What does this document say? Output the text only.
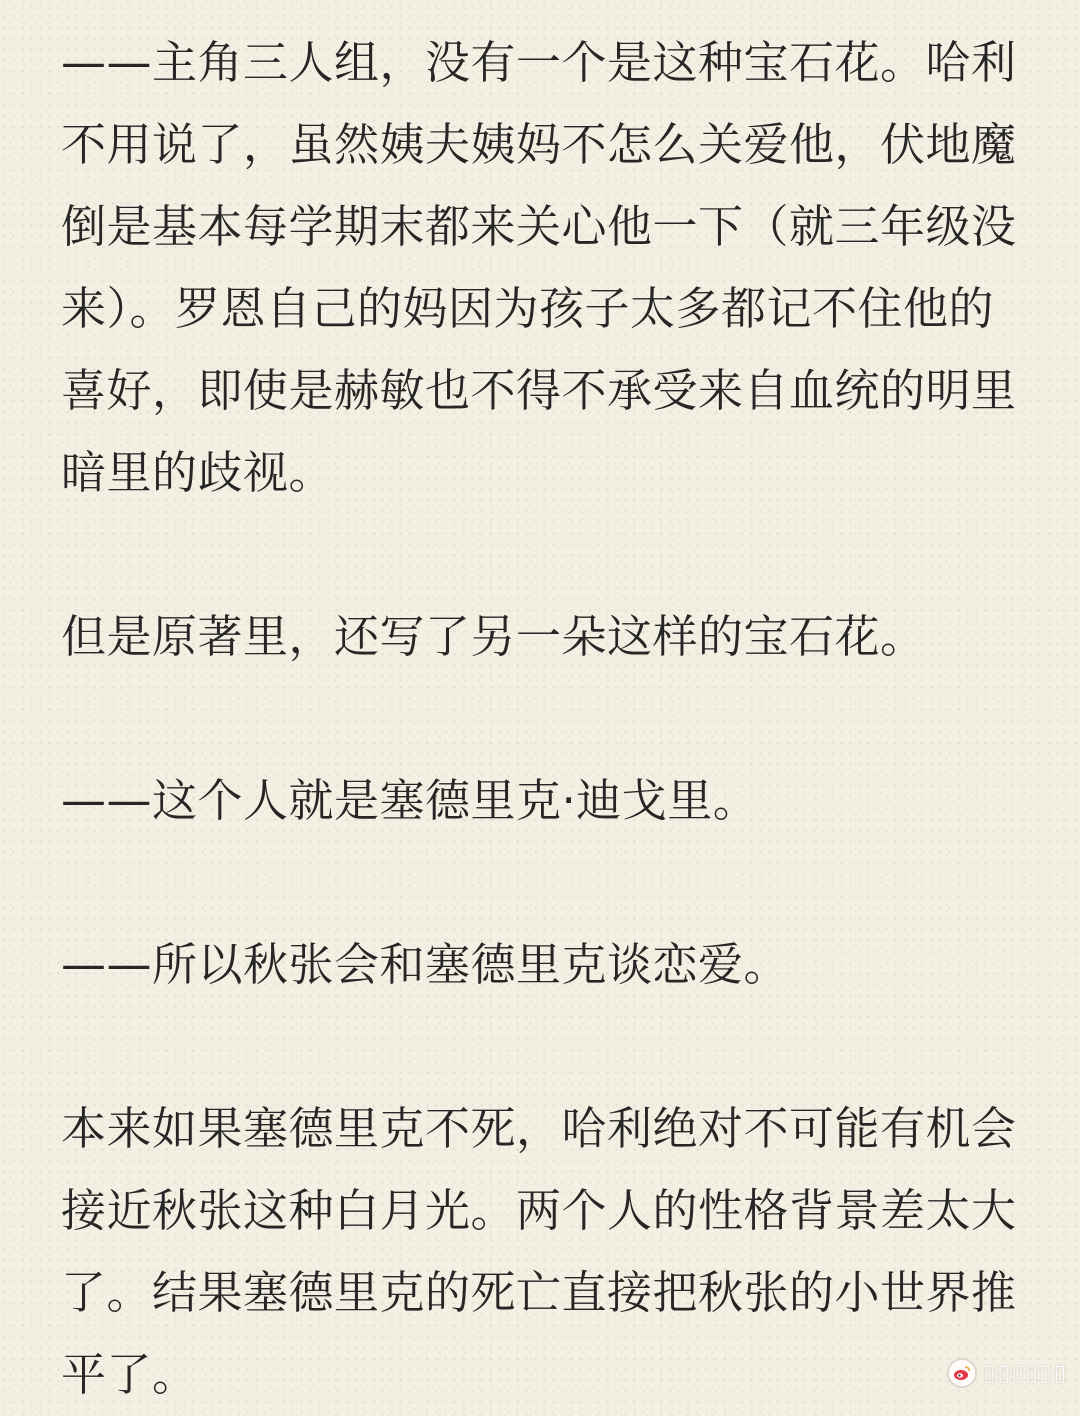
——主角三人组，没有一个是这种宝石花。哈利不用说了，虽然姨夫姨妈不怎么关爱他，伏地魔倒是基本每学期末都来关心他一下（就三年级没来）。罗恩自己的妈因为孩子太多都记不住他的喜好，即使是赫敏也不得不承受来自血统的明里暗里的歧视。

但是原著里，还写了另一朵这样的宝石花。

——这个人就是塞德里克·迪戈里。

——所以秋张会和塞德里克谈恋爱。

本来如果塞德里克不死，哈利绝对不可能有机会接近秋张这种白月光。两个人的性格背景差太大了。结果塞德里克的死亡直接把秋张的小世界推平了。	▯▯▯▯▯▯
